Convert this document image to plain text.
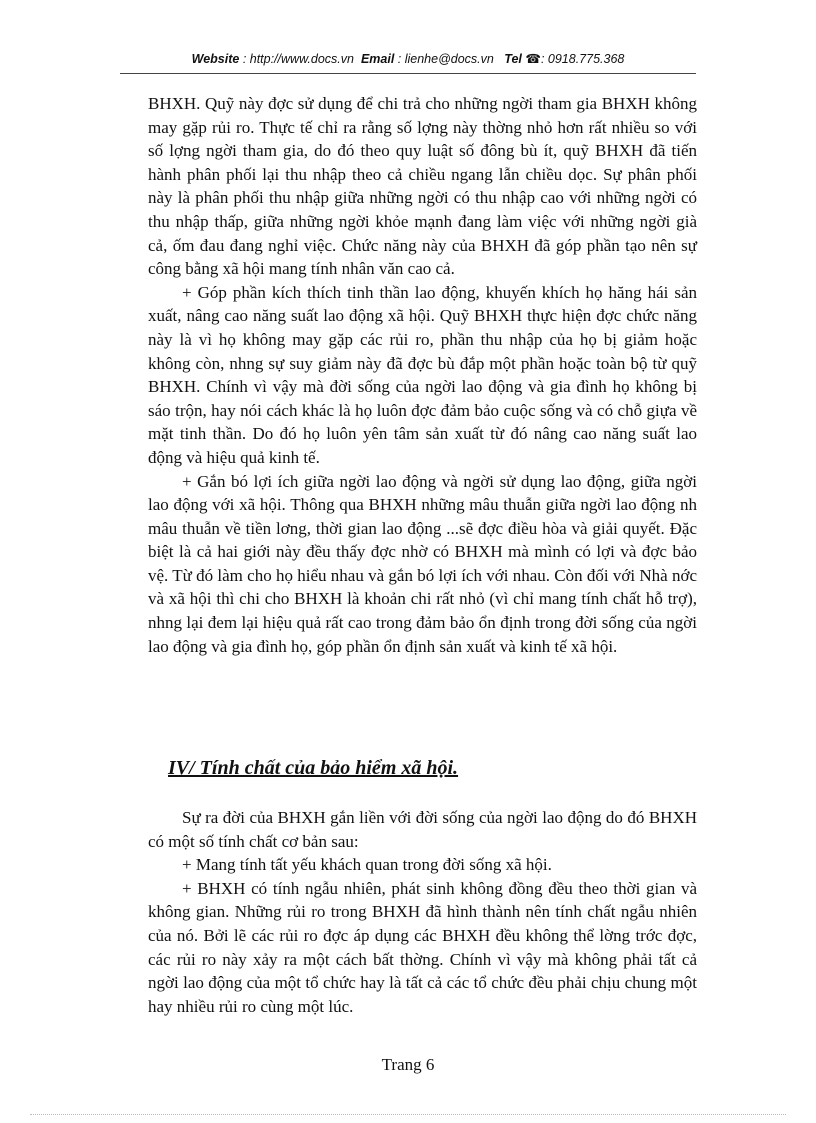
Website : http://www.docs.vn Email : lienhe@docs.vn Tel ☎: 0918.775.368

BHXH. Quỹ này đợc sử dụng để chi trả cho những ngời tham gia BHXH không may gặp rủi ro. Thực tế chỉ ra rằng số lợng này thờng nhỏ hơn rất nhiều so với số lợng ngời tham gia, do đó theo quy luật số đông bù ít, quỹ BHXH đã tiến hành phân phối lại thu nhập theo cả chiều ngang lẫn chiều dọc. Sự phân phối này là phân phối thu nhập giữa những ngời có thu nhập cao với những ngời có thu nhập thấp, giữa những ngời khỏe mạnh đang làm việc với những ngời già cả, ốm đau đang nghỉ việc. Chức năng này của BHXH đã góp phần tạo nên sự công bằng xã hội mang tính nhân văn cao cả.

+ Góp phần kích thích tinh thần lao động, khuyến khích họ hăng hái sản xuất, nâng cao năng suất lao động xã hội. Quỹ BHXH thực hiện đợc chức năng này là vì họ không may gặp các rủi ro, phần thu nhập của họ bị giảm hoặc không còn, nhng sự suy giảm này đã đợc bù đắp một phần hoặc toàn bộ từ quỹ BHXH. Chính vì vậy mà đời sống của ngời lao động và gia đình họ không bị sáo trộn, hay nói cách khác là họ luôn đợc đảm bảo cuộc sống và có chỗ giựa về mặt tinh thần. Do đó họ luôn yên tâm sản xuất từ đó nâng cao năng suất lao động và hiệu quả kinh tế.

+ Gắn bó lợi ích giữa ngời lao động và ngời sử dụng lao động, giữa ngời lao động với xã hội. Thông qua BHXH những mâu thuẫn giữa ngời lao động nh mâu thuẫn về tiền lơng, thời gian lao động ...sẽ đợc điều hòa và giải quyết. Đặc biệt là cả hai giới này đều thấy đợc nhờ có BHXH mà mình có lợi và đợc bảo vệ. Từ đó làm cho họ hiểu nhau và gắn bó lợi ích với nhau. Còn đối với Nhà nớc và xã hội thì chi cho BHXH là khoản chi rất nhỏ (vì chỉ mang tính chất hỗ trợ), nhng lại đem lại hiệu quả rất cao trong đảm bảo ổn định trong đời sống của ngời lao động và gia đình họ, góp phần ổn định sản xuất và kinh tế xã hội.

IV/ Tính chất của bảo hiểm xã hội.

Sự ra đời của BHXH gắn liền với đời sống của ngời lao động do đó BHXH có một số tính chất cơ bản sau:

+ Mang tính tất yếu khách quan trong đời sống xã hội.

+ BHXH có tính ngẫu nhiên, phát sinh không đồng đều theo thời gian và không gian. Những rủi ro trong BHXH đã hình thành nên tính chất ngẫu nhiên của nó. Bởi lẽ các rủi ro đợc áp dụng các BHXH đều không thể lờng trớc đợc, các rủi ro này xảy ra một cách bất thờng. Chính vì vậy mà không phải tất cả ngời lao động của một tổ chức hay là tất cả các tổ chức đều phải chịu chung một hay nhiều rủi ro cùng một lúc.

Trang 6
